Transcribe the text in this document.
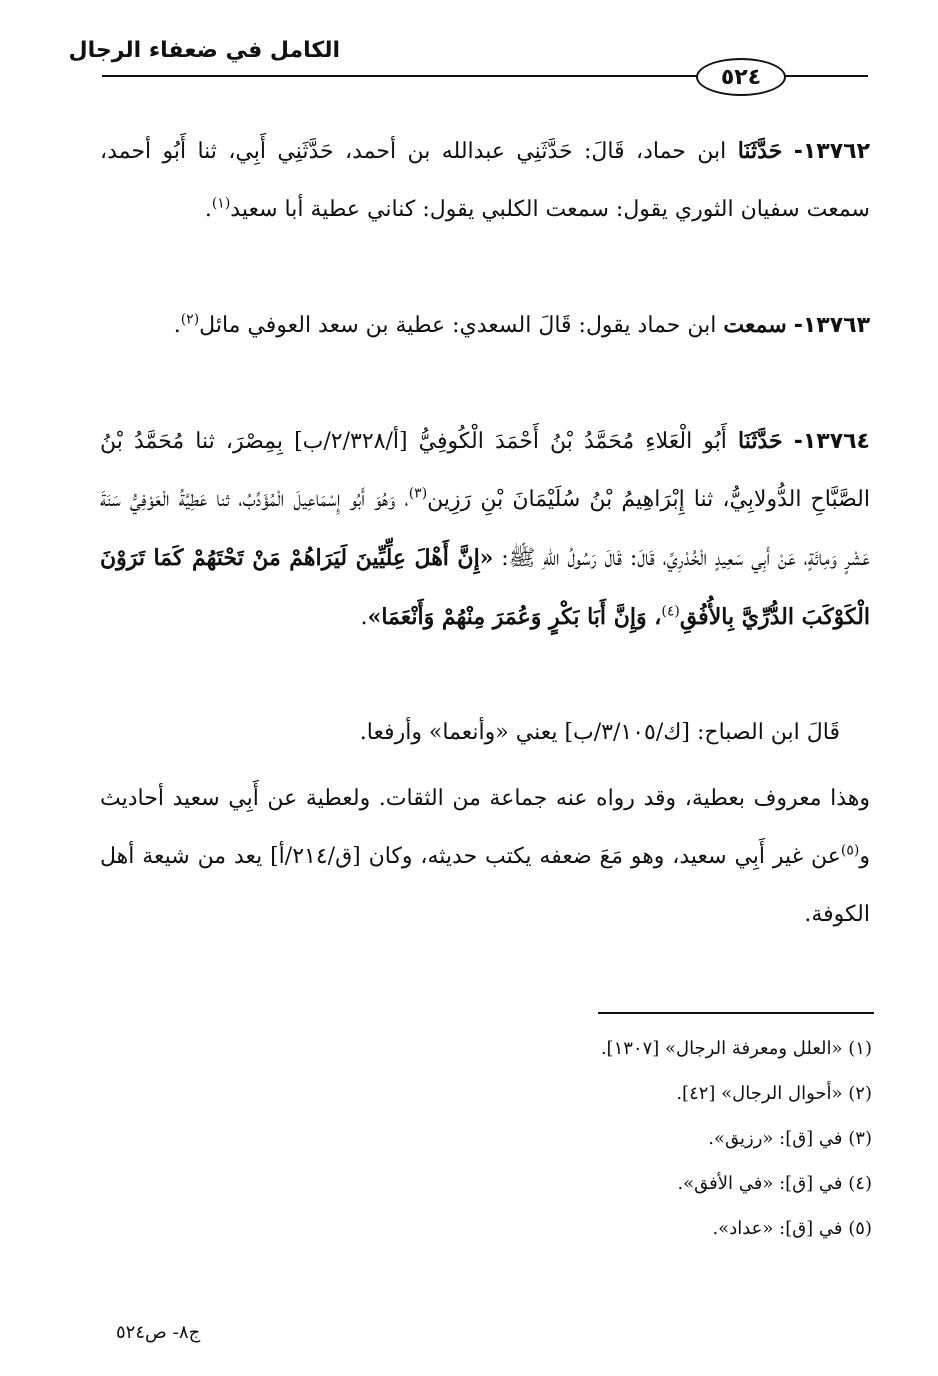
الكامل في ضعفاء الرجال
٥٢٤

١٣٧٦٢- حَدَّثَنَا ابن حماد، قَالَ: حَدَّثَنِي عبدالله بن أحمد، حَدَّثَنِي أَبِي، ثنا أَبُو أحمد، سمعت سفيان الثوري يقول: سمعت الكلبي يقول: كناني عطية أبا سعيد$^{(١)}$.

١٣٧٦٣- سمعت ابن حماد يقول: قَالَ السعدي: عطية بن سعد العوفي مائل$^{(٢)}$.

١٣٧٦٤- حَدَّثَنَا أَبُو الْعَلاءِ مُحَمَّدُ بْنُ أَحْمَدَ الْكُوفِيُّ [أ/٢/٣٢٨/ب] بِمِصْرَ، ثنا مُحَمَّدُ بْنُ الصَّبَّاحِ الدُّولابِيُّ، ثنا إِبْرَاهِيمُ بْنُ سُلَيْمَانَ بْنِ رَزِين$^{(٣)}$، وَهُوَ أَبُو إِسْمَاعِيلَ الْمُؤَدِّبُ، ثنا عَطِيَّةُ الْعَوْفِيُّ سَنَةَ عَشْرٍ وَمِائَةٍ، عَنْ أَبِي سَعِيدٍ الْخُدْرِيِّ، قَالَ: قَالَ رَسُولُ اللهِ ﷺ: «إِنَّ أَهْلَ عِلِّيِّينَ لَيَرَاهُمْ مَنْ تَحْتَهُمْ كَمَا تَرَوْنَ الْكَوْكَبَ الدُّرِّيَّ بِالأُفُقِ$^{(٤)}$، وَإِنَّ أَبَا بَكْرٍ وَعُمَرَ مِنْهُمْ وَأَنْعَمَا».

قَالَ ابن الصباح: [ك/٣/١٠٥/ب] يعني «وأنعما» وأرفعا.

وهذا معروف بعطية، وقد رواه عنه جماعة من الثقات. ولعطية عن أَبِي سعيد أحاديث و$^{(٥)}$عن غير أَبِي سعيد، وهو مَعَ ضعفه يكتب حديثه، وكان [ق/٢١٤/أ] يعد من شيعة أهل الكوفة.

(١) «العلل ومعرفة الرجال» [١٣٠٧].
(٢) «أحوال الرجال» [٤٢].
(٣) في [ق]: «رزيق».
(٤) في [ق]: «في الأفق».
(٥) في [ق]: «عداد».
ج٨- ص٥٢٤
